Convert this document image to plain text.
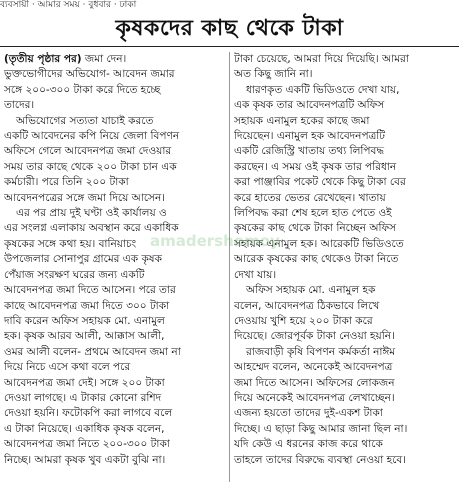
ব্যবসায়ী · আমার সময় · বুধবার · ঢাকা
কৃষকদের কাছ থেকে টাকা
(তৃতীয় পৃষ্ঠার পর) জমা দেন।
ভুক্তভোগীদের অভিযোগ- আবেদন জমার
সঙ্গে ২০০-৩০০ টাকা করে দিতে হচ্ছে
তাদের।
অভিযোগের সত্যতা যাচাই করতে
একটি আবেদনের কপি নিয়ে জেলা বিপণন
অফিসে গেলে আবেদনপত্র জমা দেওয়ার
সময় তার কাছে থেকে ২০০ টাকা চান এক
কর্মচারী। পরে তিনি ২০০ টাকা
আবেদনপত্রের সঙ্গে জমা দিয়ে আসেন।
এর পর প্রায় দুই ঘণ্টা ওই কার্যালয় ও
এর সংলগ্ন এলাকায় অবস্থান করে একাধিক
কৃষকের সঙ্গে কথা হয়। বানিয়াচং
উপজেলার সোনাপুর গ্রামের এক কৃষক
পেঁয়াজ সংরক্ষণ ঘরের জন্য একটি
আবেদনপত্র জমা দিতে আসেন। পরে তার
কাছে আবেদনপত্র জমা দিতে ৩০০ টাকা
দাবি করেন অফিস সহায়ক মো. এনামুল
হক। কৃষক আরব আলী, আক্কাস আলী,
ওমর আলী বলেন- প্রথমে আবেদন জমা না
দিয়ে নিচে এসে কথা বলে পরে
আবেদনপত্র জমা দেই। সঙ্গে ২০০ টাকা
দেওয়া লাগছে। এ টাকার কোনো রশিদ
দেওয়া হয়নি। ফটোকপি করা লাগবে বলে
এ টাকা নিয়েছে। একাধিক কৃষক বলেন,
আবেদনপত্র জমা নিতে ২০০-৩০০ টাকা
নিচ্ছে। আমরা কৃষক খুব একটা বুঝি না।
টাকা চেয়েছে, আমরা দিয়ে দিয়েছি। আমরা
অত কিছু জানি না।
ধারণকৃত একটি ভিডিওতে দেখা যায়,
এক কৃষক তার আবেদনপত্রটি অফিস
সহায়ক এনামুল হকের কাছে জমা
দিয়েছেন। এনামুল হক আবেদনপত্রটি
একটি রেজিস্ট্রি খাতায় তথ্য লিপিবদ্ধ
করছেন। এ সময় ওই কৃষক তার পরিধান
করা পাঞ্জাবির পকেট থেকে কিছু টাকা বের
করে হাতের ভেতর রেখেছেন। খাতায়
লিপিবদ্ধ করা শেষ হলে হাত পেতে ওই
কৃষকের কাছ থেকে টাকা নিচ্ছেন অফিস
সহায়ক এনামুল হক। আরেকটি ভিডিওতে
আরেক কৃষকের কাছ থেকেও টাকা নিতে
দেখা যায়।
অফিস সহায়ক মো. এনামুল হক
বলেন, আবেদনপত্র ঠিকভাবে লিখে
দেওয়ায় খুশি হয়ে ২০০ টাকা করে
দিয়েছে। জোরপূর্বক টাকা নেওয়া হয়নি।
রাজবাড়ী কৃষি বিপণন কর্মকর্তা নাঈম
আহম্মেদ বলেন, অনেকেই আবেদনপত্র
জমা দিতে আসেন। অফিসের লোকজন
দিয়ে অনেকেই আবেদনপত্র লেখাচ্ছেন।
এজন্য হয়তো তাদের দুই-একশ টাকা
দিচ্ছে। এ ছাড়া কিছু আমার জানা ছিল না।
যদি কেউ এ ধরনের কাজ করে থাকে
তাহলে তাদের বিরুদ্ধে ব্যবস্থা নেওয়া হবে।
amadershomoy
